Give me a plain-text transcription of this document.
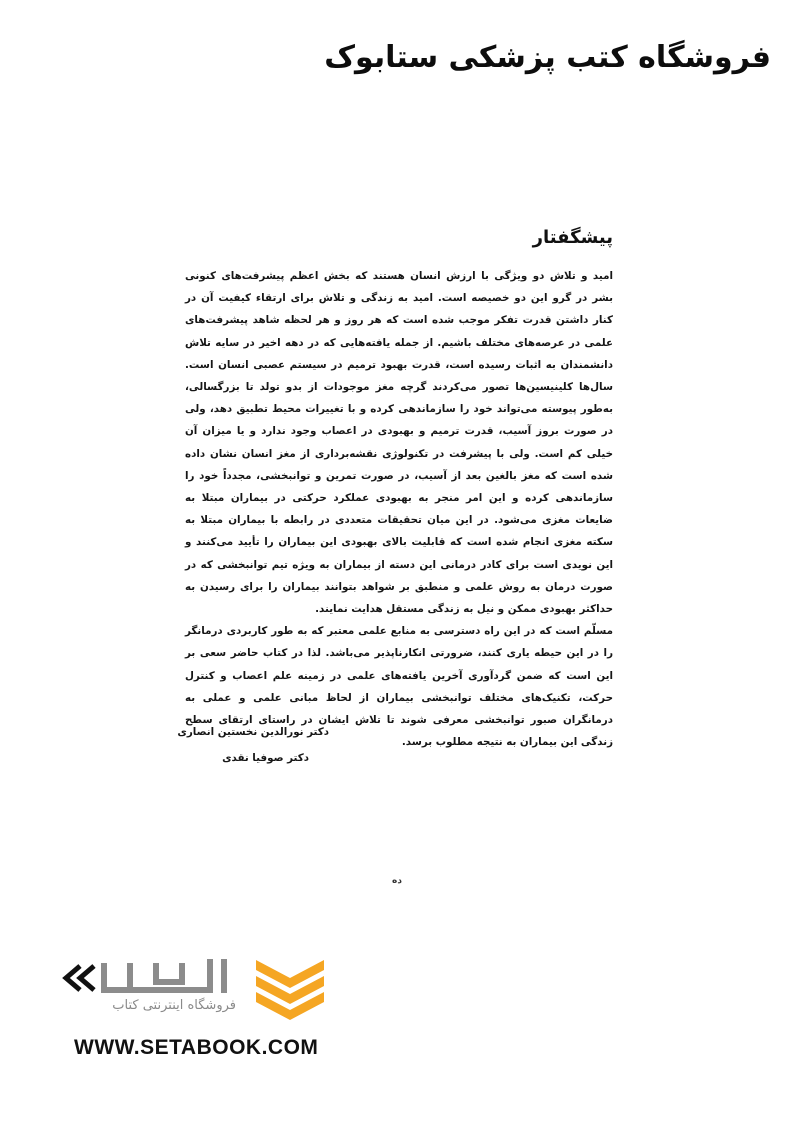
فروشگاه کتب پزشکی ستابوک
پیشگفتار

امید و تلاش دو ویژگی با ارزش انسان هستند که بخش اعظم پیشرفت‌های کنونی بشر در گرو این دو خصیصه است. امید به زندگی و تلاش برای ارتقاء کیفیت آن در کنار داشتن قدرت تفکر موجب شده است که هر روز و هر لحظه شاهد پیشرفت‌های علمی در عرصه‌های مختلف باشیم. از جمله یافته‌هایی که در دهه اخیر در سایه تلاش دانشمندان به اثبات رسیده است، قدرت بهبود ترمیم در سیستم عصبی انسان است. سال‌ها کلینیسین‌ها تصور می‌کردند گرچه مغز موجودات از بدو تولد تا بزرگسالی، به‌طور پیوسته می‌تواند خود را سازماندهی کرده و با تغییرات محیط تطبیق دهد، ولی در صورت بروز آسیب، قدرت ترمیم و بهبودی در اعصاب وجود ندارد و یا میزان آن خیلی کم است. ولی با پیشرفت در تکنولوژی نقشه‌برداری از مغز انسان نشان داده شده است که مغز بالغین بعد از آسیب، در صورت تمرین و توانبخشی، مجدداً خود را سازماندهی کرده و این امر منجر به بهبودی عملکرد حرکتی در بیماران مبتلا به ضایعات مغزی می‌شود. در این میان تحقیقات متعددی در رابطه با بیماران مبتلا به سکته مغزی انجام شده است که قابلیت بالای بهبودی این بیماران را تأیید می‌کنند و این نویدی است برای کادر درمانی این دسته از بیماران به ویژه تیم توانبخشی که در صورت درمان به روش علمی و منطبق بر شواهد بتوانند بیماران را برای رسیدن به حداکثر بهبودی ممکن و نیل به زندگی مستقل هدایت نمایند.

مسلّم است که در این راه دسترسی به منابع علمی معتبر که به طور کاربردی درمانگر را در این حیطه یاری کنند، ضرورتی انکارناپذیر می‌باشد. لذا در کتاب حاضر سعی بر این است که ضمن گردآوری آخرین یافته‌های علمی در زمینه علم اعصاب و کنترل حرکت، تکنیک‌های مختلف توانبخشی بیماران از لحاظ مبانی علمی و عملی به درمانگران صبور توانبخشی معرفی شوند تا تلاش ایشان در راستای ارتقای سطح زندگی این بیماران به نتیجه مطلوب برسد.

دکتر نورالدین نخستین انصاری
دکتر صوفیا نقدی
ده
فروشگاه اینترنتی کتاب
WWW.SETABOOK.COM
